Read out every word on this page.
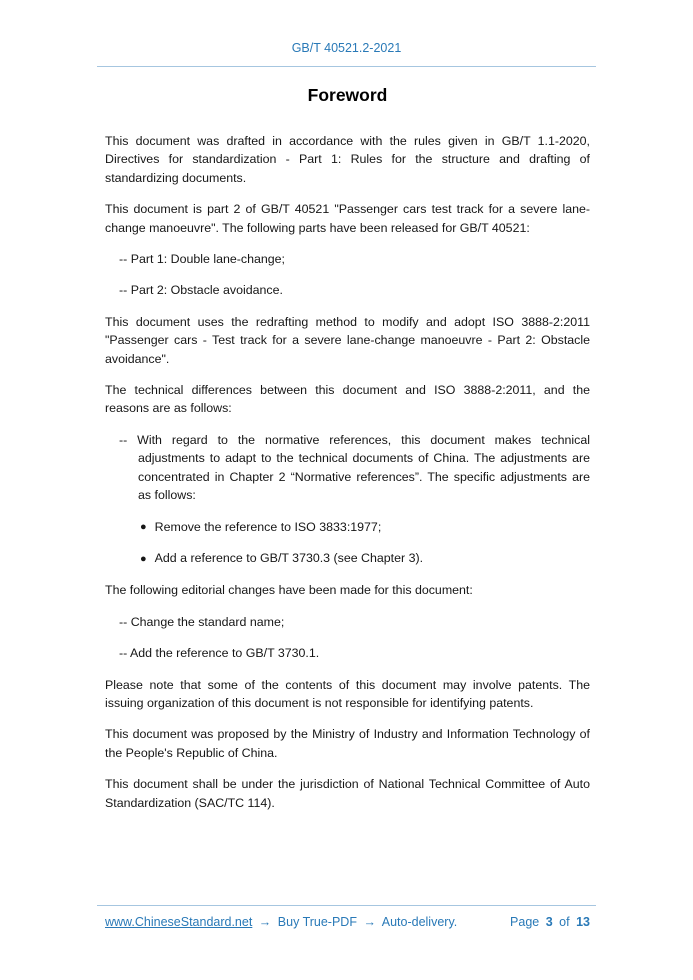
GB/T 40521.2-2021
Foreword
This document was drafted in accordance with the rules given in GB/T 1.1-2020, Directives for standardization - Part 1: Rules for the structure and drafting of standardizing documents.
This document is part 2 of GB/T 40521 "Passenger cars test track for a severe lane-change manoeuvre". The following parts have been released for GB/T 40521:
-- Part 1: Double lane-change;
-- Part 2: Obstacle avoidance.
This document uses the redrafting method to modify and adopt ISO 3888-2:2011 "Passenger cars - Test track for a severe lane-change manoeuvre - Part 2: Obstacle avoidance".
The technical differences between this document and ISO 3888-2:2011, and the reasons are as follows:
-- With regard to the normative references, this document makes technical adjustments to adapt to the technical documents of China. The adjustments are concentrated in Chapter 2 “Normative references”. The specific adjustments are as follows:
● Remove the reference to ISO 3833:1977;
● Add a reference to GB/T 3730.3 (see Chapter 3).
The following editorial changes have been made for this document:
-- Change the standard name;
-- Add the reference to GB/T 3730.1.
Please note that some of the contents of this document may involve patents. The issuing organization of this document is not responsible for identifying patents.
This document was proposed by the Ministry of Industry and Information Technology of the People's Republic of China.
This document shall be under the jurisdiction of National Technical Committee of Auto Standardization (SAC/TC 114).
www.ChineseStandard.net → Buy True-PDF → Auto-delivery.	Page 3 of 13
